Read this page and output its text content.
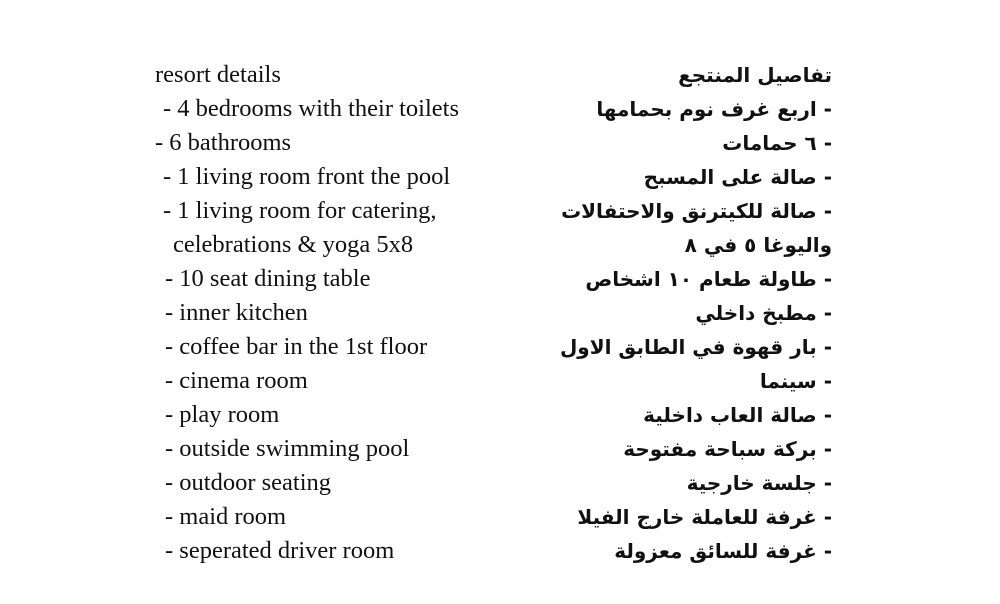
resort details
- 4 bedrooms with their toilets
- 6 bathrooms
- 1 living room front the pool
- 1 living room for catering,
celebrations & yoga 5x8
- 10 seat dining table
- inner kitchen
- coffee bar in the 1st floor
- cinema room
- play room
- outside swimming pool
- outdoor seating
- maid room
- seperated driver room
تفاصيل المنتجع
- اربع غرف نوم بحمامها
- ٦ حمامات
- صالة على المسبح
- صالة للكيترنق والاحتفالات
واليوغا ٥ في ٨
- طاولة طعام ١٠ اشخاص
- مطبخ داخلي
- بار قهوة في الطابق الاول
- سينما
- صالة العاب داخلية
- بركة سباحة مفتوحة
- جلسة خارجية
- غرفة للعاملة خارج الفيلا
- غرفة للسائق معزولة
